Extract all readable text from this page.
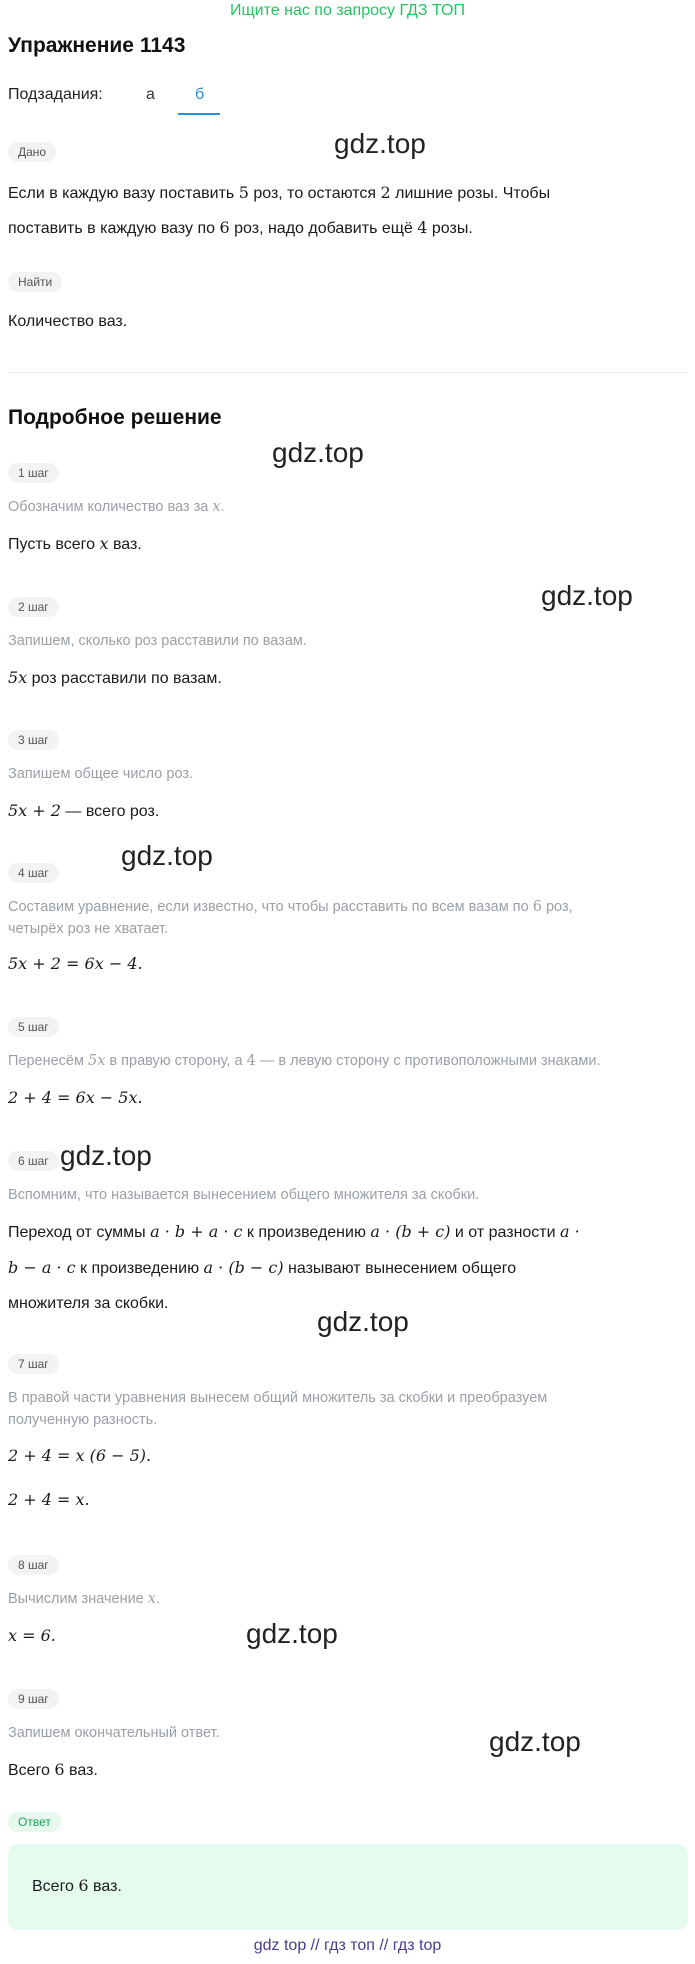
Ищите нас по запросу ГДЗ ТОП
Упражнение 1143
Подзадания:	а	б
Дано
Если в каждую вазу поставить 5 роз, то остаются 2 лишние розы. Чтобы
поставить в каждую вазу по 6 роз, надо добавить ещё 4 розы.
Найти
Количество ваз.
Подробное решение
1 шаг
Обозначим количество ваз за x.
Пусть всего x ваз.
2 шаг
Запишем, сколько роз расставили по вазам.
5x роз расставили по вазам.
3 шаг
Запишем общее число роз.
5x + 2 — всего роз.
4 шаг
Составим уравнение, если известно, что чтобы расставить по всем вазам по 6 роз,
четырёх роз не хватает.
5x + 2 = 6x − 4.
5 шаг
Перенесём 5x в правую сторону, а 4 — в левую сторону с противоположными знаками.
2 + 4 = 6x − 5x.
6 шаг
Вспомним, что называется вынесением общего множителя за скобки.
Переход от суммы a · b + a · c к произведению a · (b + c) и от разности a ·
b − a · c к произведению a · (b − c) называют вынесением общего
множителя за скобки.
7 шаг
В правой части уравнения вынесем общий множитель за скобки и преобразуем
полученную разность.
2 + 4 = x (6 − 5).
2 + 4 = x.
8 шаг
Вычислим значение x.
x = 6.
9 шаг
Запишем окончательный ответ.
Всего 6 ваз.
Ответ
Всего 6 ваз.
gdz.top
gdz.top
gdz.top
gdz.top
gdz.top
gdz.top
gdz.top
gdz.top
gdz top // гдз топ // гдз top
